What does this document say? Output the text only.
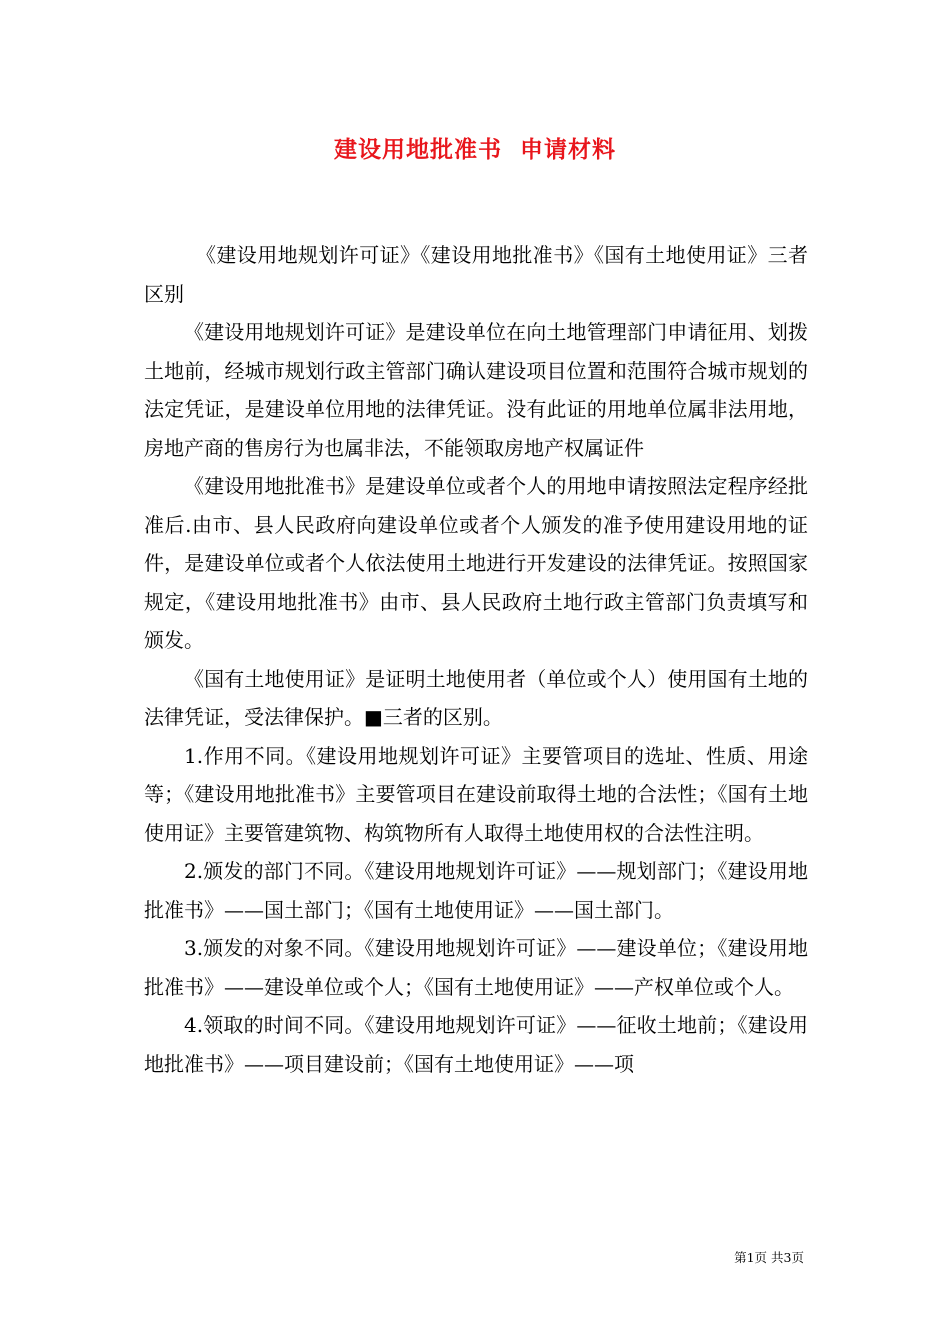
建设用地批准书  申请材料

《建设用地规划许可证》《建设用地批准书》《国有土地使用证》三者区别

《建设用地规划许可证》是建设单位在向土地管理部门申请征用、划拨土地前，经城市规划行政主管部门确认建设项目位置和范围符合城市规划的法定凭证，是建设单位用地的法律凭证。没有此证的用地单位属非法用地，房地产商的售房行为也属非法，不能领取房地产权属证件

《建设用地批准书》是建设单位或者个人的用地申请按照法定程序经批准后.由市、县人民政府向建设单位或者个人颁发的准予使用建设用地的证件，是建设单位或者个人依法使用土地进行开发建设的法律凭证。按照国家规定，《建设用地批准书》由市、县人民政府土地行政主管部门负责填写和颁发。

《国有土地使用证》是证明土地使用者（单位或个人）使用国有土地的法律凭证，受法律保护。■三者的区别。

1.作用不同。《建设用地规划许可证》主要管项目的选址、性质、用途等；《建设用地批准书》主要管项目在建设前取得土地的合法性；《国有土地使用证》主要管建筑物、构筑物所有人取得土地使用权的合法性注明。

2.颁发的部门不同。《建设用地规划许可证》——规划部门；《建设用地批准书》——国土部门；《国有土地使用证》——国土部门。

3.颁发的对象不同。《建设用地规划许可证》——建设单位；《建设用地批准书》——建设单位或个人；《国有土地使用证》——产权单位或个人。

4.领取的时间不同。《建设用地规划许可证》——征收土地前；《建设用地批准书》——项目建设前；《国有土地使用证》——项

第1页 共3页
